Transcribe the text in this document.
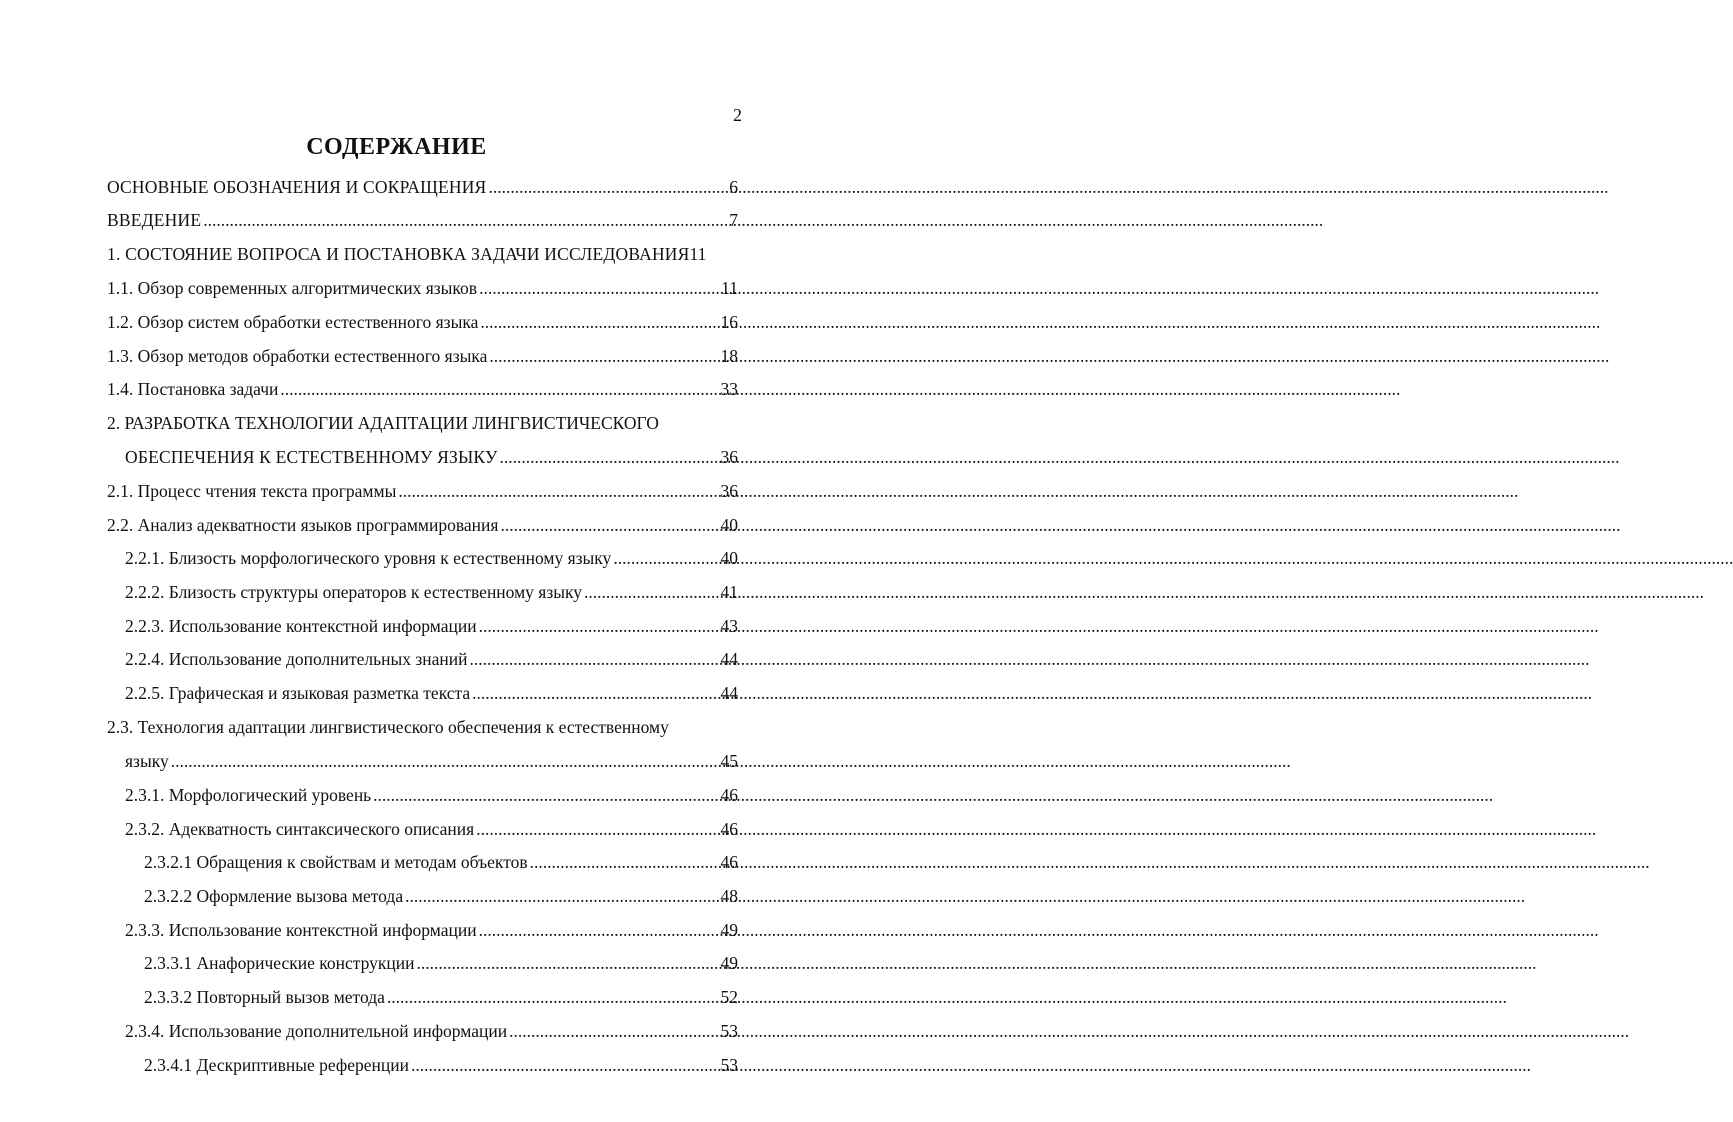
2
СОДЕРЖАНИЕ
ОСНОВНЫЕ ОБОЗНАЧЕНИЯ И СОКРАЩЕНИЯ .....	6
ВВЕДЕНИЕ .....	7
1. СОСТОЯНИЕ ВОПРОСА И ПОСТАНОВКА ЗАДАЧИ ИССЛЕДОВАНИЯ 11
1.1. Обзор современных алгоритмических языков .....	11
1.2. Обзор систем обработки естественного языка .....	16
1.3. Обзор методов обработки естественного языка .....	18
1.4. Постановка задачи .....	33
2. РАЗРАБОТКА ТЕХНОЛОГИИ АДАПТАЦИИ ЛИНГВИСТИЧЕСКОГО
ОБЕСПЕЧЕНИЯ К ЕСТЕСТВЕННОМУ ЯЗЫКУ .....	36
2.1. Процесс чтения текста программы .....	36
2.2. Анализ адекватности языков программирования .....	40
2.2.1. Близость морфологического уровня к естественному языку .....	40
2.2.2. Близость структуры операторов к естественному языку .....	41
2.2.3. Использование контекстной информации .....	43
2.2.4. Использование дополнительных знаний .....	44
2.2.5. Графическая и языковая разметка текста .....	44
2.3. Технология адаптации лингвистического обеспечения к естественному
языку .....	45
2.3.1. Морфологический уровень .....	46
2.3.2. Адекватность синтаксического описания .....	46
2.3.2.1 Обращения к свойствам и методам объектов .....	46
2.3.2.2 Оформление вызова метода .....	48
2.3.3. Использование контекстной информации .....	49
2.3.3.1 Анафорические конструкции .....	49
2.3.3.2 Повторный вызов метода .....	52
2.3.4. Использование дополнительной информации .....	53
2.3.4.1 Дескриптивные референции .....	53
